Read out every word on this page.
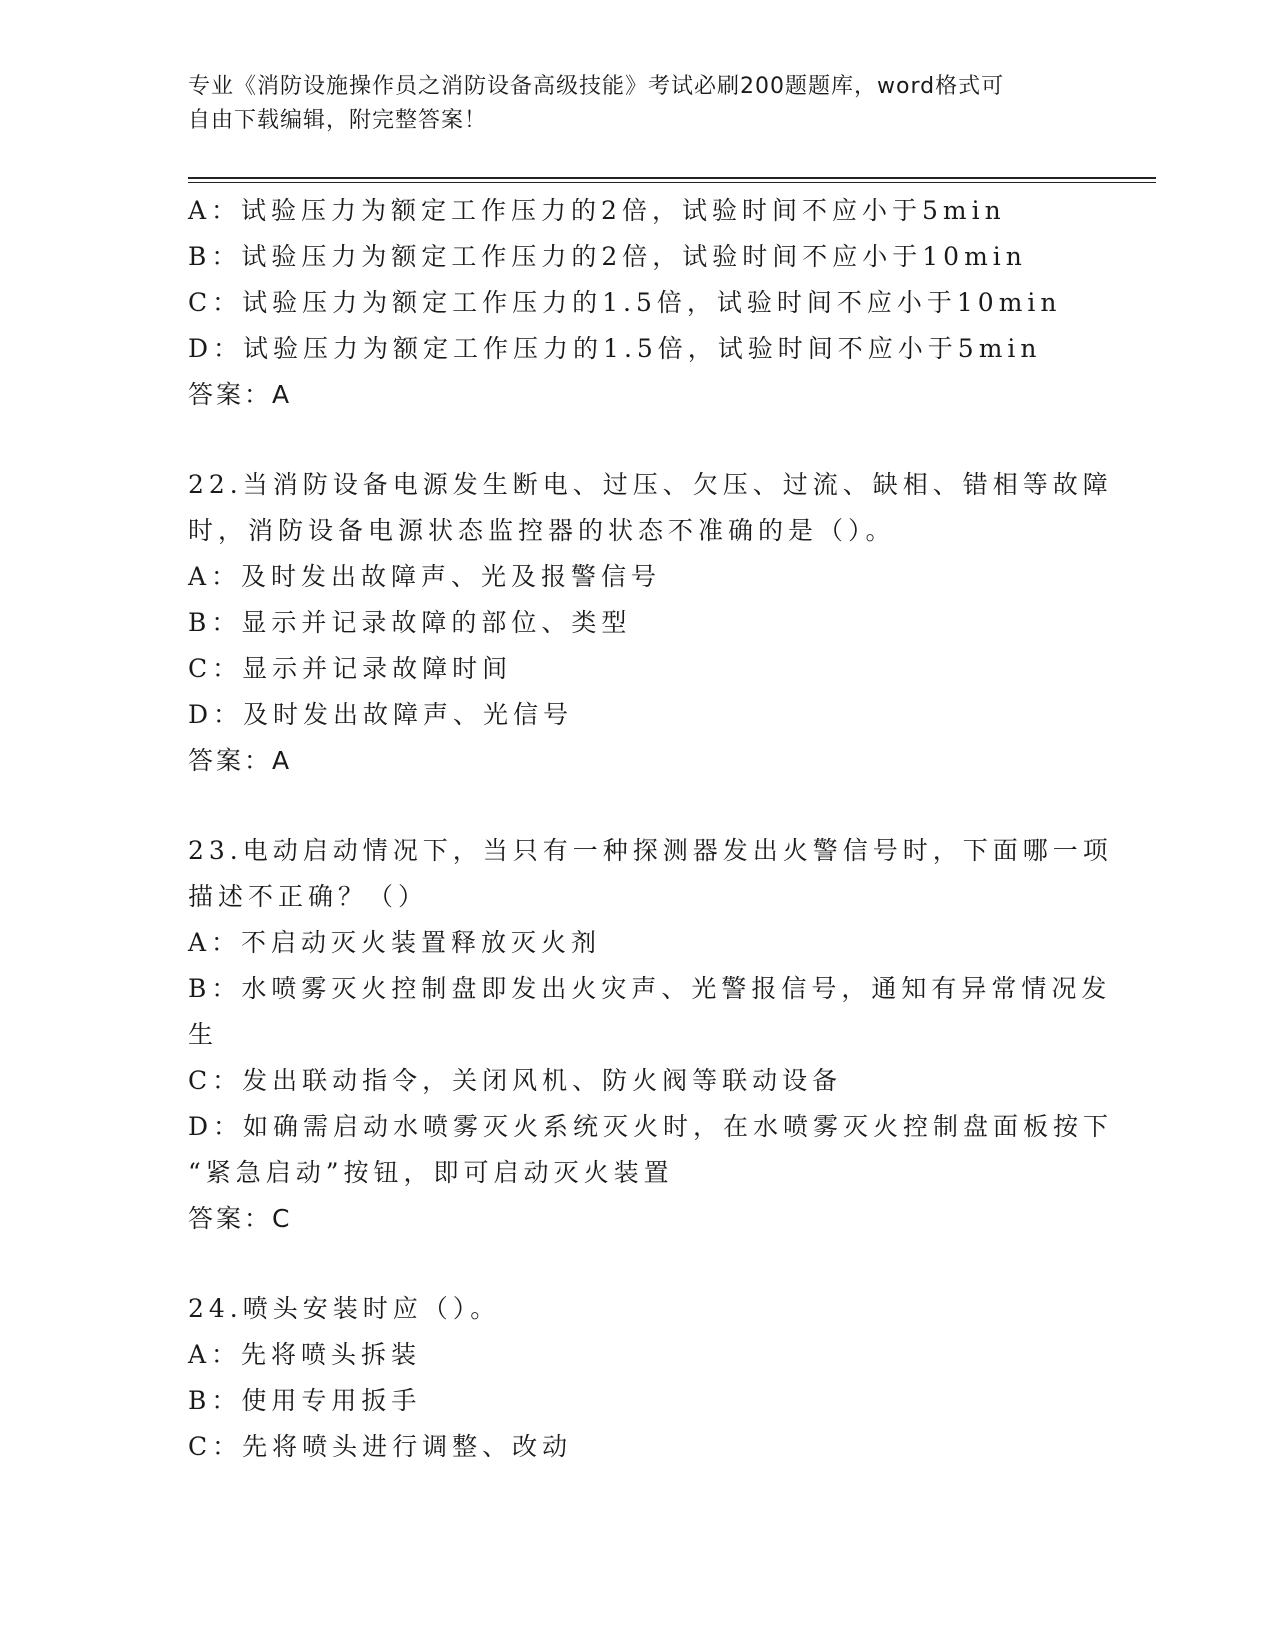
专业《消防设施操作员之消防设备高级技能》考试必刷200题题库，word格式可
自由下载编辑，附完整答案！
A：试验压力为额定工作压力的2倍，试验时间不应小于5min
B：试验压力为额定工作压力的2倍，试验时间不应小于10min
C：试验压力为额定工作压力的1.5倍，试验时间不应小于10min
D：试验压力为额定工作压力的1.5倍，试验时间不应小于5min
答案：A
22.当消防设备电源发生断电、过压、欠压、过流、缺相、错相等故障
时，消防设备电源状态监控器的状态不准确的是（）。
A：及时发出故障声、光及报警信号
B：显示并记录故障的部位、类型
C：显示并记录故障时间
D：及时发出故障声、光信号
答案：A
23.电动启动情况下，当只有一种探测器发出火警信号时，下面哪一项
描述不正确？（）
A：不启动灭火装置释放灭火剂
B：水喷雾灭火控制盘即发出火灾声、光警报信号，通知有异常情况发
生
C：发出联动指令，关闭风机、防火阀等联动设备
D：如确需启动水喷雾灭火系统灭火时，在水喷雾灭火控制盘面板按下
“紧急启动”按钮，即可启动灭火装置
答案：C
24.喷头安装时应（）。
A：先将喷头拆装
B：使用专用扳手
C：先将喷头进行调整、改动
